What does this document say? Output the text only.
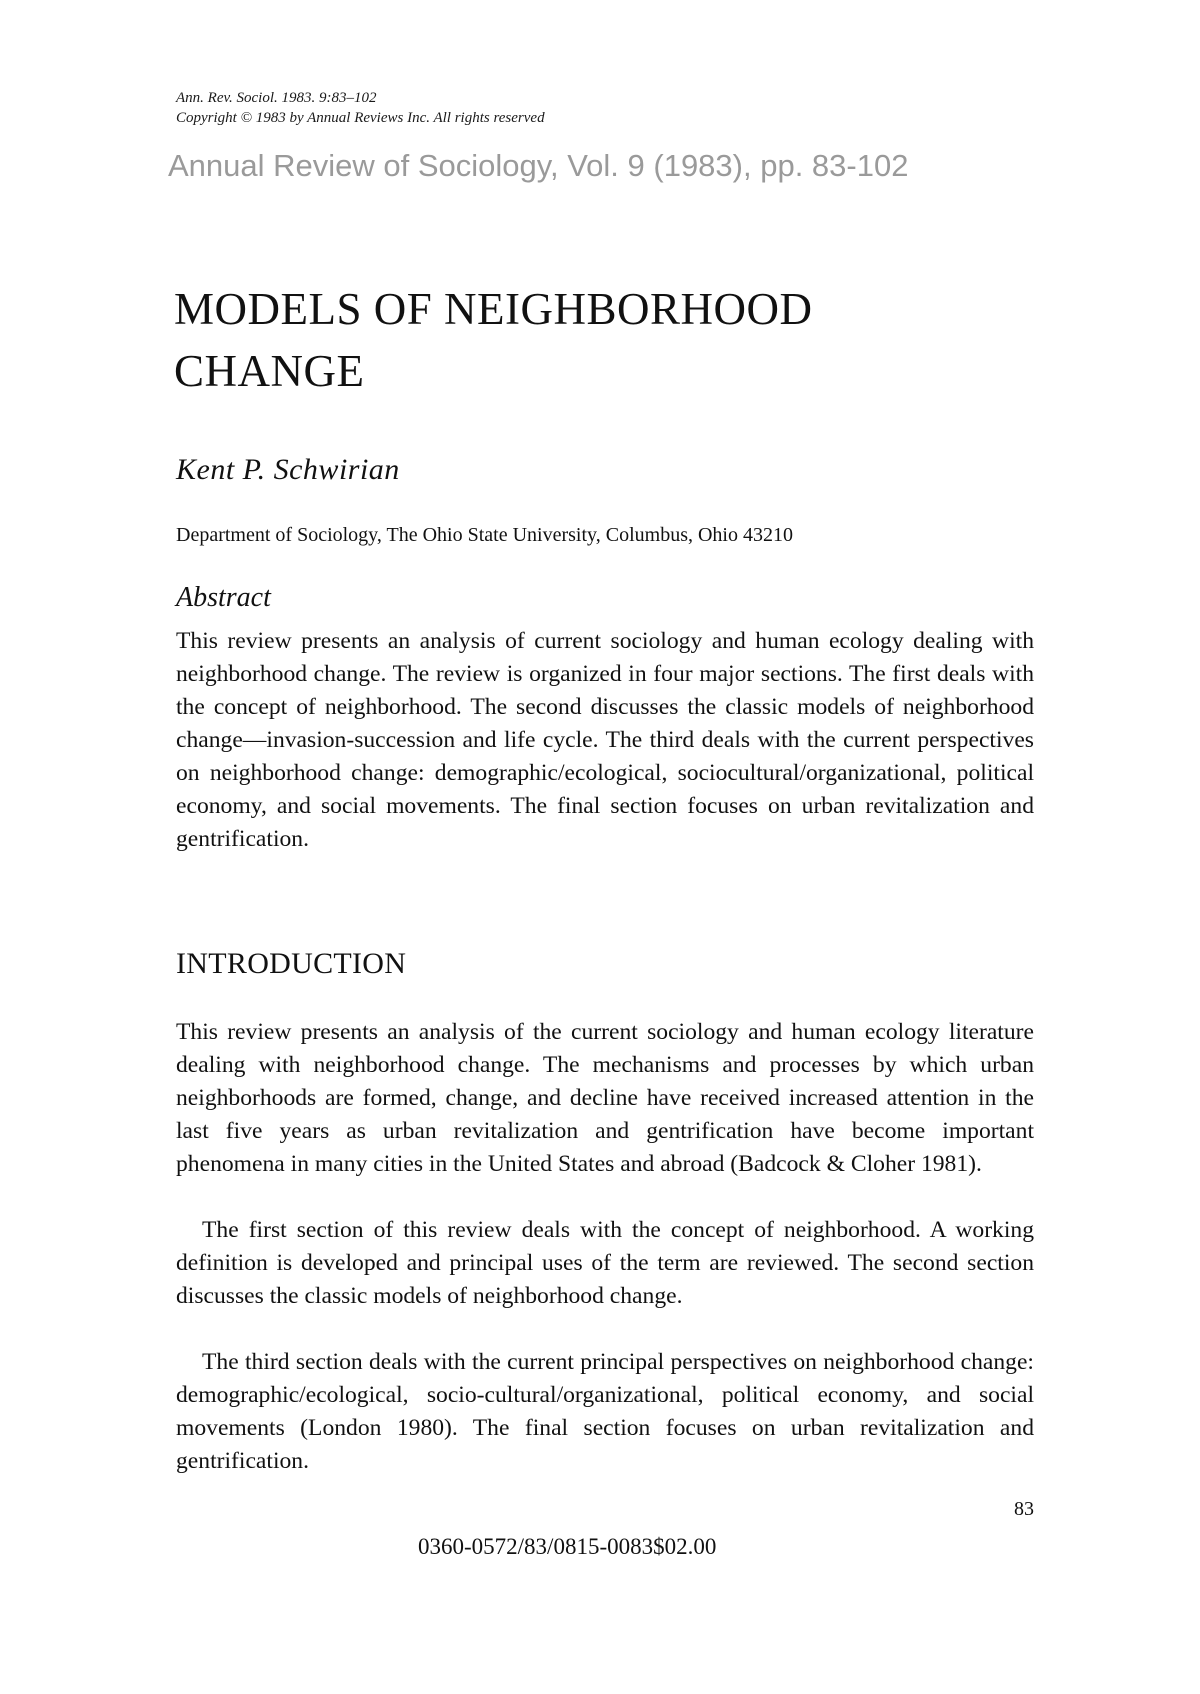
Ann. Rev. Sociol. 1983. 9:83–102
Copyright © 1983 by Annual Reviews Inc. All rights reserved
Annual Review of Sociology, Vol. 9 (1983), pp. 83-102
MODELS OF NEIGHBORHOOD
CHANGE
Kent P. Schwirian
Department of Sociology, The Ohio State University, Columbus, Ohio 43210
Abstract

This review presents an analysis of current sociology and human ecology dealing with neighborhood change. The review is organized in four major sections. The first deals with the concept of neighborhood. The second discusses the classic models of neighborhood change—invasion-succession and life cycle. The third deals with the current perspectives on neighborhood change: demographic/ecological, sociocultural/organizational, political economy, and social movements. The final section focuses on urban revitalization and gentrification.

INTRODUCTION

This review presents an analysis of the current sociology and human ecology literature dealing with neighborhood change. The mechanisms and processes by which urban neighborhoods are formed, change, and decline have received increased attention in the last five years as urban revitalization and gentrification have become important phenomena in many cities in the United States and abroad (Badcock & Cloher 1981).

The first section of this review deals with the concept of neighborhood. A working definition is developed and principal uses of the term are reviewed. The second section discusses the classic models of neighborhood change.

The third section deals with the current principal perspectives on neighborhood change: demographic/ecological, socio-cultural/organizational, political economy, and social movements (London 1980). The final section focuses on urban revitalization and gentrification.

83
0360-0572/83/0815-0083$02.00
